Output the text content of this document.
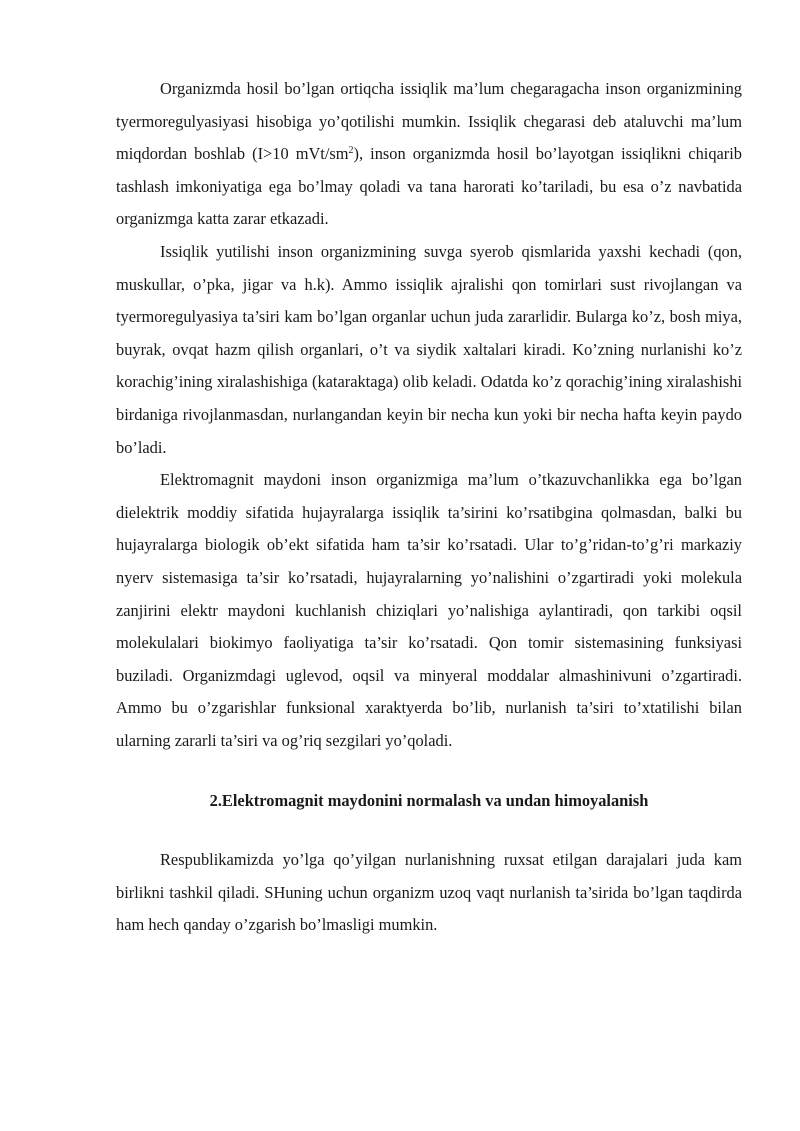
Organizmda hosil bo’lgan ortiqcha issiqlik ma’lum chegaragacha inson organizmining tyermoregulyasiyasi hisobiga yo’qotilishi mumkin. Issiqlik chegarasi deb ataluvchi ma’lum miqdordan boshlab (I>10 mVt/$sm^2$), inson organizmda hosil bo’layotgan issiqlikni chiqarib tashlash imkoniyatiga ega bo’lmay qoladi va tana harorati ko’tariladi, bu esa o’z navbatida organizmga katta zarar etkazadi.

Issiqlik yutilishi inson organizmining suvga syerob qismlarida yaxshi kechadi (qon, muskullar, o’pka, jigar va h.k). Ammo issiqlik ajralishi qon tomirlari sust rivojlangan va tyermoregulyasiya ta’siri kam bo’lgan organlar uchun juda zararlidir. Bularga ko’z, bosh miya, buyrak, ovqat hazm qilish organlari, o’t va siydik xaltalari kiradi. Ko’zning nurlanishi ko’z korachig’ining xiralashishiga (kataraktaga) olib keladi. Odatda ko’z qorachig’ining xiralashishi birdaniga rivojlanmasdan, nurlangandan keyin bir necha kun yoki bir necha hafta keyin paydo bo’ladi.

Elektromagnit maydoni inson organizmiga ma’lum o’tkazuvchanlikka ega bo’lgan dielektrik moddiy sifatida hujayralarga issiqlik ta’sirini ko’rsatibgina qolmasdan, balki bu hujayralarga biologik ob’ekt sifatida ham ta’sir ko’rsatadi. Ular to’g’ridan-to’g’ri markaziy nyerv sistemasiga ta’sir ko’rsatadi, hujayralarning yo’nalishini o’zgartiradi yoki molekula zanjirini elektr maydoni kuchlanish chiziqlari yo’nalishiga aylantiradi, qon tarkibi oqsil molekulalari biokimyo faoliyatiga ta’sir ko’rsatadi. Qon tomir sistemasining funksiyasi buziladi. Organizmdagi uglevod, oqsil va minyeral moddalar almashinivuni o’zgartiradi. Ammo bu o’zgarishlar funksional xaraktyerda bo’lib, nurlanish ta’siri to’xtatilishi bilan ularning zararli ta’siri va og’riq sezgilari yo’qoladi.

2.Elektromagnit maydonini normalash va undan himoyalanish

Respublikamizda yo’lga qo’yilgan nurlanishning ruxsat etilgan darajalari juda kam birlikni tashkil qiladi. SHuning uchun organizm uzoq vaqt nurlanish ta’sirida bo’lgan taqdirda ham hech qanday o’zgarish bo’lmasligi mumkin.
